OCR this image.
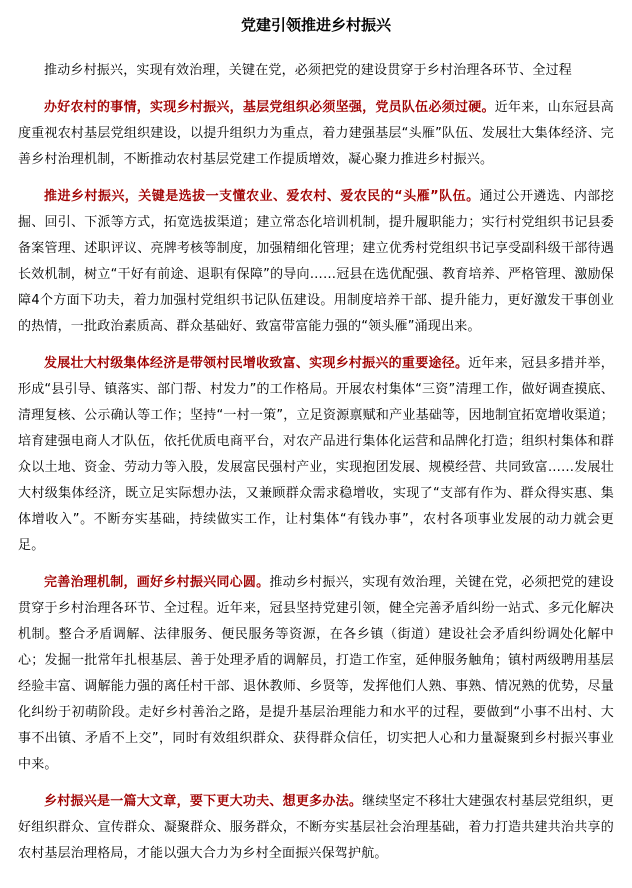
党建引领推进乡村振兴

推动乡村振兴，实现有效治理，关键在党，必须把党的建设贯穿于乡村治理各环节、全过程

办好农村的事情，实现乡村振兴，基层党组织必须坚强，党员队伍必须过硬。近年来，山东冠县高度重视农村基层党组织建设，以提升组织力为重点，着力建强基层“头雁”队伍、发展壮大集体经济、完善乡村治理机制，不断推动农村基层党建工作提质增效，凝心聚力推进乡村振兴。

推进乡村振兴，关键是选拔一支懂农业、爱农村、爱农民的“头雁”队伍。通过公开遴选、内部挖掘、回引、下派等方式，拓宽选拔渠道；建立常态化培训机制，提升履职能力；实行村党组织书记县委备案管理、述职评议、亮牌考核等制度，加强精细化管理；建立优秀村党组织书记享受副科级干部待遇长效机制，树立“干好有前途、退职有保障”的导向……冠县在选优配强、教育培养、严格管理、激励保障4个方面下功夫，着力加强村党组织书记队伍建设。用制度培养干部、提升能力，更好激发干事创业的热情，一批政治素质高、群众基础好、致富带富能力强的“领头雁”涌现出来。

发展壮大村级集体经济是带领村民增收致富、实现乡村振兴的重要途径。近年来，冠县多措并举，形成“县引导、镇落实、部门帮、村发力”的工作格局。开展农村集体“三资”清理工作，做好调查摸底、清理复核、公示确认等工作；坚持“一村一策”，立足资源禀赋和产业基础等，因地制宜拓宽增收渠道；培育建强电商人才队伍，依托优质电商平台，对农产品进行集体化运营和品牌化打造；组织村集体和群众以土地、资金、劳动力等入股，发展富民强村产业，实现抱团发展、规模经营、共同致富……发展壮大村级集体经济，既立足实际想办法，又兼顾群众需求稳增收，实现了“支部有作为、群众得实惠、集体增收入”。不断夯实基础，持续做实工作，让村集体“有钱办事”，农村各项事业发展的动力就会更足。

完善治理机制，画好乡村振兴同心圆。推动乡村振兴，实现有效治理，关键在党，必须把党的建设贯穿于乡村治理各环节、全过程。近年来，冠县坚持党建引领，健全完善矛盾纠纷一站式、多元化解决机制。整合矛盾调解、法律服务、便民服务等资源，在各乡镇（街道）建设社会矛盾纠纷调处化解中心；发掘一批常年扎根基层、善于处理矛盾的调解员，打造工作室，延伸服务触角；镇村两级聘用基层经验丰富、调解能力强的离任村干部、退休教师、乡贤等，发挥他们人熟、事熟、情况熟的优势，尽量化纠纷于初萌阶段。走好乡村善治之路，是提升基层治理能力和水平的过程，要做到“小事不出村、大事不出镇、矛盾不上交”，同时有效组织群众、获得群众信任，切实把人心和力量凝聚到乡村振兴事业中来。

乡村振兴是一篇大文章，要下更大功夫、想更多办法。继续坚定不移壮大建强农村基层党组织，更好组织群众、宣传群众、凝聚群众、服务群众，不断夯实基层社会治理基础，着力打造共建共治共享的农村基层治理格局，才能以强大合力为乡村全面振兴保驾护航。
